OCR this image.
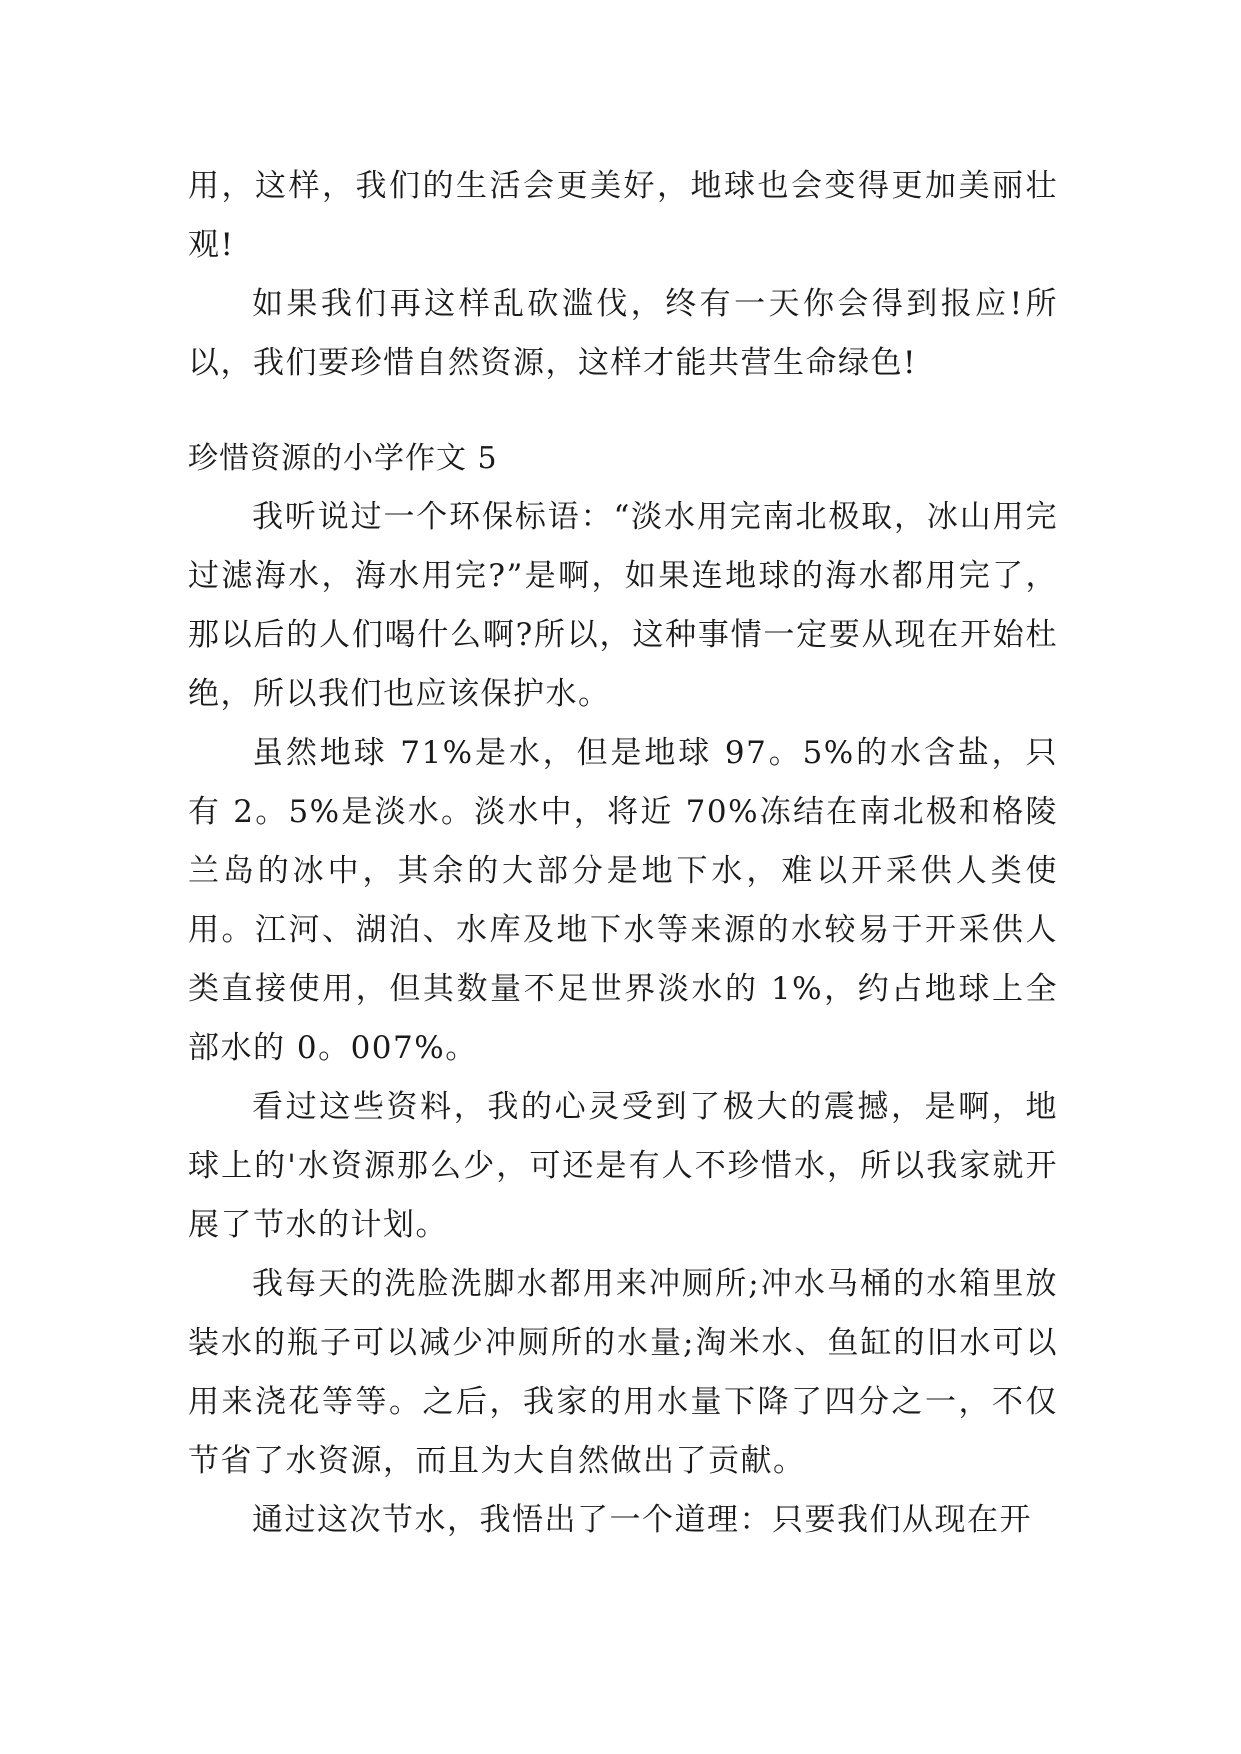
用，这样，我们的生活会更美好，地球也会变得更加美丽壮观!

如果我们再这样乱砍滥伐，终有一天你会得到报应!所以，我们要珍惜自然资源，这样才能共营生命绿色!

珍惜资源的小学作文 5

我听说过一个环保标语：“淡水用完南北极取，冰山用完过滤海水，海水用完?”是啊，如果连地球的海水都用完了，那以后的人们喝什么啊?所以，这种事情一定要从现在开始杜绝，所以我们也应该保护水。

虽然地球 71%是水，但是地球 97。5%的水含盐，只有 2。5%是淡水。淡水中，将近 70%冻结在南北极和格陵兰岛的冰中，其余的大部分是地下水，难以开采供人类使用。江河、湖泊、水库及地下水等来源的水较易于开采供人类直接使用，但其数量不足世界淡水的 1%，约占地球上全部水的 0。007%。

看过这些资料，我的心灵受到了极大的震撼，是啊，地球上的'水资源那么少，可还是有人不珍惜水，所以我家就开展了节水的计划。

我每天的洗脸洗脚水都用来冲厕所;冲水马桶的水箱里放装水的瓶子可以减少冲厕所的水量;淘米水、鱼缸的旧水可以用来浇花等等。之后，我家的用水量下降了四分之一，不仅节省了水资源，而且为大自然做出了贡献。

通过这次节水，我悟出了一个道理：只要我们从现在开
